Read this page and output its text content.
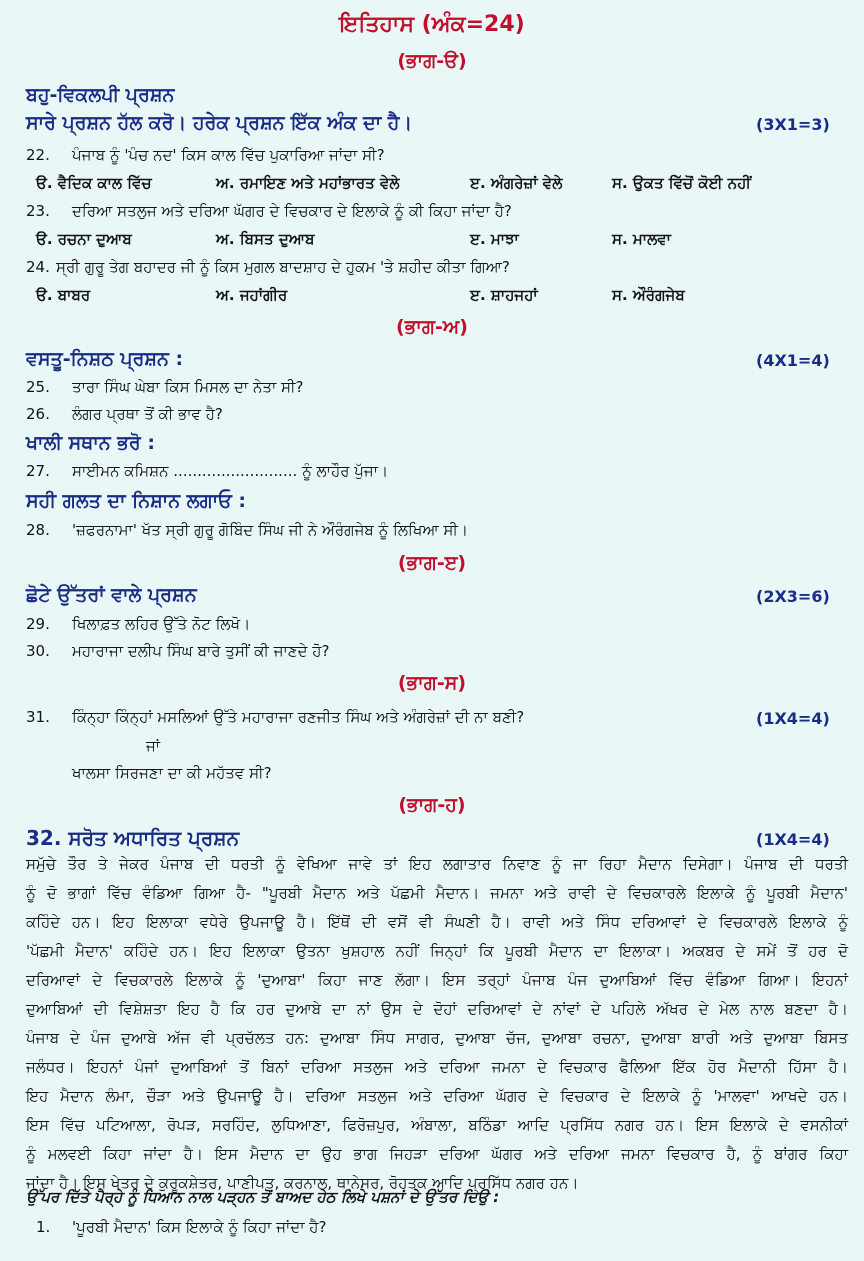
ਇਤਿਹਾਸ (ਅੰਕ=24)
(ਭਾਗ-ੳ)
ਬਹੁ-ਵਿਕਲਪੀ ਪ੍ਰਸ਼ਨ
ਸਾਰੇ ਪ੍ਰਸ਼ਨ ਹੱਲ ਕਰੋ। ਹਰੇਕ ਪ੍ਰਸ਼ਨ ਇੱਕ ਅੰਕ ਦਾ ਹੈ।	(3X1=3)
22. ਪੰਜਾਬ ਨੂੰ 'ਪੰਚ ਨਦ' ਕਿਸ ਕਾਲ ਵਿੱਚ ਪੁਕਾਰਿਆ ਜਾਂਦਾ ਸੀ?
ੳ. ਵੈਦਿਕ ਕਾਲ ਵਿੱਚ	ਅ. ਰਮਾਇਣ ਅਤੇ ਮਹਾਂਭਾਰਤ ਵੇਲੇ	ੲ. ਅੰਗਰੇਜ਼ਾਂ ਵੇਲੇ	ਸ. ਉਕਤ ਵਿੱਚੋਂ ਕੋਈ ਨਹੀਂ
23. ਦਰਿਆ ਸਤਲੁਜ ਅਤੇ ਦਰਿਆ ਘੱਗਰ ਦੇ ਵਿਚਕਾਰ ਦੇ ਇਲਾਕੇ ਨੂੰ ਕੀ ਕਿਹਾ ਜਾਂਦਾ ਹੈ?
ੳ. ਰਚਨਾ ਦੁਆਬ	ਅ. ਬਿਸਤ ਦੁਆਬ	ੲ. ਮਾਝਾ	ਸ. ਮਾਲਵਾ
24. ਸ੍ਰੀ ਗੁਰੂ ਤੇਗ ਬਹਾਦਰ ਜੀ ਨੂੰ ਕਿਸ ਮੁਗਲ ਬਾਦਸ਼ਾਹ ਦੇ ਹੁਕਮ 'ਤੇ ਸ਼ਹੀਦ ਕੀਤਾ ਗਿਆ?
ੳ. ਬਾਬਰ	ਅ. ਜਹਾਂਗੀਰ	ੲ. ਸ਼ਾਹਜਹਾਂ	ਸ. ਔਰੰਗਜੇਬ
(ਭਾਗ-ਅ)
ਵਸਤੂ-ਨਿਸ਼ਠ ਪ੍ਰਸ਼ਨ :	(4X1=4)
25. ਤਾਰਾ ਸਿੰਘ ਘੇਬਾ ਕਿਸ ਮਿਸਲ ਦਾ ਨੇਤਾ ਸੀ?
26. ਲੰਗਰ ਪ੍ਰਥਾ ਤੋਂ ਕੀ ਭਾਵ ਹੈ?
ਖਾਲੀ ਸਥਾਨ ਭਰੋ :
27. ਸਾਈਮਨ ਕਮਿਸ਼ਨ .......................... ਨੂੰ ਲਾਹੌਰ ਪੁੱਜਾ।
ਸਹੀ ਗਲਤ ਦਾ ਨਿਸ਼ਾਨ ਲਗਾਓ :
28. 'ਜ਼ਫਰਨਾਮਾ' ਖੱਤ ਸ੍ਰੀ ਗੁਰੂ ਗੋਬਿੰਦ ਸਿੰਘ ਜੀ ਨੇ ਔਰੰਗਜੇਬ ਨੂੰ ਲਿਖਿਆ ਸੀ।
(ਭਾਗ-ੲ)
ਛੋਟੇ ਉੱਤਰਾਂ ਵਾਲੇ ਪ੍ਰਸ਼ਨ	(2X3=6)
29. ਖਿਲਾਫ਼ਤ ਲਹਿਰ ਉੱਤੇ ਨੋਟ ਲਿਖੋ।
30. ਮਹਾਰਾਜਾ ਦਲੀਪ ਸਿੰਘ ਬਾਰੇ ਤੁਸੀਂ ਕੀ ਜਾਣਦੇ ਹੋ?
(ਭਾਗ-ਸ)
31. ਕਿੰਨ੍ਹਾ ਕਿੰਨ੍ਹਾਂ ਮਸਲਿਆਂ ਉੱਤੇ ਮਹਾਰਾਜਾ ਰਣਜੀਤ ਸਿੰਘ ਅਤੇ ਅੰਗਰੇਜ਼ਾਂ ਦੀ ਨਾ ਬਣੀ?	(1X4=4)
ਜਾਂ
ਖਾਲਸਾ ਸਿਰਜਣਾ ਦਾ ਕੀ ਮਹੱਤਵ ਸੀ?
(ਭਾਗ-ਹ)
32. ਸਰੋਤ ਅਧਾਰਿਤ ਪ੍ਰਸ਼ਨ	(1X4=4)
ਸਮੁੱਚੇ ਤੌਰ ਤੇ ਜੇਕਰ ਪੰਜਾਬ ਦੀ ਧਰਤੀ ਨੂੰ ਵੇਖਿਆ ਜਾਵੇ ਤਾਂ ਇਹ ਲਗਾਤਾਰ ਨਿਵਾਣ ਨੂੰ ਜਾ ਰਿਹਾ ਮੈਦਾਨ ਦਿਸੇਗਾ। ਪੰਜਾਬ ਦੀ ਧਰਤੀ
ਨੂੰ ਦੋ ਭਾਗਾਂ ਵਿੱਚ ਵੰਡਿਆ ਗਿਆ ਹੈ- "ਪੂਰਬੀ ਮੈਦਾਨ ਅਤੇ ਪੱਛਮੀ ਮੈਦਾਨ। ਜਮਨਾ ਅਤੇ ਰਾਵੀ ਦੇ ਵਿਚਕਾਰਲੇ ਇਲਾਕੇ ਨੂੰ ਪੂਰਬੀ ਮੈਦਾਨ'
ਕਹਿੰਦੇ ਹਨ। ਇਹ ਇਲਾਕਾ ਵਧੇਰੇ ਉਪਜਾਊ ਹੈ। ਇੱਥੋਂ ਦੀ ਵਸੋਂ ਵੀ ਸੰਘਣੀ ਹੈ। ਰਾਵੀ ਅਤੇ ਸਿੰਧ ਦਰਿਆਵਾਂ ਦੇ ਵਿਚਕਾਰਲੇ ਇਲਾਕੇ ਨੂੰ
'ਪੱਛਮੀ ਮੈਦਾਨ' ਕਹਿੰਦੇ ਹਨ। ਇਹ ਇਲਾਕਾ ਉਤਨਾ ਖੁਸ਼ਹਾਲ ਨਹੀਂ ਜਿਨ੍ਹਾਂ ਕਿ ਪੂਰਬੀ ਮੈਦਾਨ ਦਾ ਇਲਾਕਾ। ਅਕਬਰ ਦੇ ਸਮੇਂ ਤੋਂ ਹਰ ਦੋ
ਦਰਿਆਵਾਂ ਦੇ ਵਿਚਕਾਰਲੇ ਇਲਾਕੇ ਨੂੰ 'ਦੁਆਬਾ' ਕਿਹਾ ਜਾਣ ਲੱਗਾ। ਇਸ ਤਰ੍ਹਾਂ ਪੰਜਾਬ ਪੰਜ ਦੁਆਬਿਆਂ ਵਿੱਚ ਵੰਡਿਆ ਗਿਆ। ਇਹਨਾਂ
ਦੁਆਬਿਆਂ ਦੀ ਵਿਸ਼ੇਸ਼ਤਾ ਇਹ ਹੈ ਕਿ ਹਰ ਦੁਆਬੇ ਦਾ ਨਾਂ ਉਸ ਦੇ ਦੋਹਾਂ ਦਰਿਆਵਾਂ ਦੇ ਨਾਂਵਾਂ ਦੇ ਪਹਿਲੇ ਅੱਖਰ ਦੇ ਮੇਲ ਨਾਲ ਬਣਦਾ ਹੈ।
ਪੰਜਾਬ ਦੇ ਪੰਜ ਦੁਆਬੇ ਅੱਜ ਵੀ ਪ੍ਰਚੱਲਤ ਹਨ: ਦੁਆਬਾ ਸਿੰਧ ਸਾਗਰ, ਦੁਆਬਾ ਚੱਜ, ਦੁਆਬਾ ਰਚਨਾ, ਦੁਆਬਾ ਬਾਰੀ ਅਤੇ ਦੁਆਬਾ ਬਿਸਤ
ਜਲੰਧਰ। ਇਹਨਾਂ ਪੰਜਾਂ ਦੁਆਬਿਆਂ ਤੋਂ ਬਿਨਾਂ ਦਰਿਆ ਸਤਲੁਜ ਅਤੇ ਦਰਿਆ ਜਮਨਾ ਦੇ ਵਿਚਕਾਰ ਫੈਲਿਆ ਇੱਕ ਹੋਰ ਮੈਦਾਨੀ ਹਿੱਸਾ ਹੈ।
ਇਹ ਮੈਦਾਨ ਲੰਮਾ, ਚੌੜਾ ਅਤੇ ਉਪਜਾਊ ਹੈ। ਦਰਿਆ ਸਤਲੁਜ ਅਤੇ ਦਰਿਆ ਘੱਗਰ ਦੇ ਵਿਚਕਾਰ ਦੇ ਇਲਾਕੇ ਨੂੰ 'ਮਾਲਵਾ' ਆਖਦੇ ਹਨ।
ਇਸ ਵਿੱਚ ਪਟਿਆਲਾ, ਰੋਪੜ, ਸਰਹਿੰਦ, ਲੁਧਿਆਣਾ, ਫਿਰੋਜ਼ਪੁਰ, ਅੰਬਾਲਾ, ਬਠਿੰਡਾ ਆਦਿ ਪ੍ਰਸਿੱਧ ਨਗਰ ਹਨ। ਇਸ ਇਲਾਕੇ ਦੇ ਵਸਨੀਕਾਂ
ਨੂੰ ਮਲਵਈ ਕਿਹਾ ਜਾਂਦਾ ਹੈ। ਇਸ ਮੈਦਾਨ ਦਾ ਉਹ ਭਾਗ ਜਿਹੜਾ ਦਰਿਆ ਘੱਗਰ ਅਤੇ ਦਰਿਆ ਜਮਨਾ ਵਿਚਕਾਰ ਹੈ, ਨੂੰ ਬਾਂਗਰ ਕਿਹਾ
ਜਾਂਦਾ ਹੈ। ਇਸ ਖੇਤਰ ਦੇ ਕੁਰੂਕਸ਼ੇਤਰ, ਪਾਣੀਪਤ, ਕਰਨਾਲ, ਥਾਨੇਸਰ, ਰੋਹਤਕ ਆਦਿ ਪ੍ਰਸਿੱਧ ਨਗਰ ਹਨ।
ਉੱਪਰ ਦਿੱਤੇ ਪੈਰ੍ਹੇ ਨੂੰ ਧਿਆਨ ਨਾਲ ਪੜ੍ਹਨ ਤੋਂ ਬਾਅਦ ਹੇਠ ਲਿਖੇ ਪਸ਼ਨਾਂ ਦੇ ਉੱਤਰ ਦਿਉ :
1. 'ਪੂਰਬੀ ਮੈਦਾਨ' ਕਿਸ ਇਲਾਕੇ ਨੂੰ ਕਿਹਾ ਜਾਂਦਾ ਹੈ?
